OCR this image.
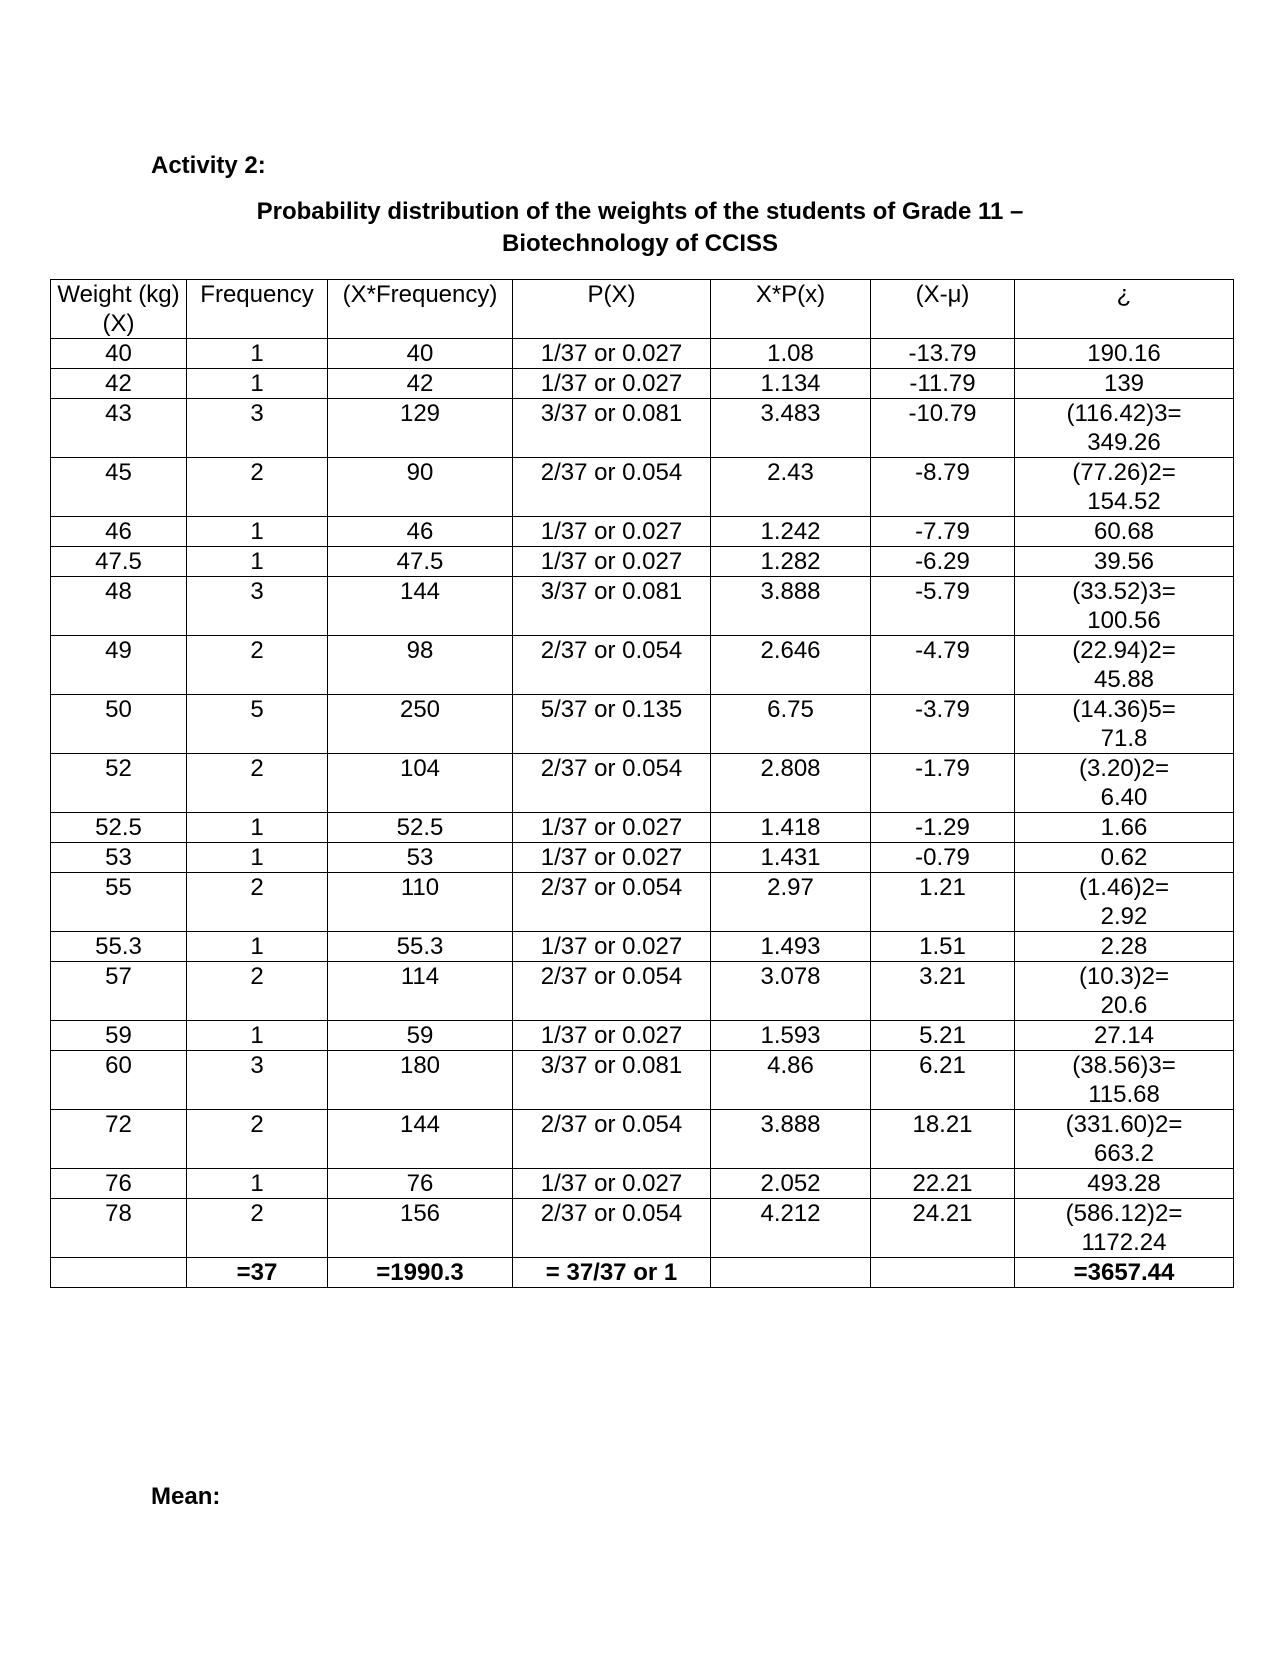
Activity 2:
Probability distribution of the weights of the students of Grade 11 –
Biotechnology of CCISS
Weight (kg) (X)	Frequency	(X*Frequency)	P(X)	X*P(x)	(X-μ)	¿
40	1	40	1/37 or 0.027	1.08	-13.79	190.16

42	1	42	1/37 or 0.027	1.134	-11.79	139

43	3	129	3/37 or 0.081	3.483	-10.79	(116.42)3=
349.26

45	2	90	2/37 or 0.054	2.43	-8.79	(77.26)2=
154.52

46	1	46	1/37 or 0.027	1.242	-7.79	60.68

47.5	1	47.5	1/37 or 0.027	1.282	-6.29	39.56

48	3	144	3/37 or 0.081	3.888	-5.79	(33.52)3=
100.56

49	2	98	2/37 or 0.054	2.646	-4.79	(22.94)2=
45.88

50	5	250	5/37 or 0.135	6.75	-3.79	(14.36)5=
71.8

52	2	104	2/37 or 0.054	2.808	-1.79	(3.20)2=
6.40

52.5	1	52.5	1/37 or 0.027	1.418	-1.29	1.66

53	1	53	1/37 or 0.027	1.431	-0.79	0.62

55	2	110	2/37 or 0.054	2.97	1.21	(1.46)2=
2.92

55.3	1	55.3	1/37 or 0.027	1.493	1.51	2.28

57	2	114	2/37 or 0.054	3.078	3.21	(10.3)2=
20.6

59	1	59	1/37 or 0.027	1.593	5.21	27.14

60	3	180	3/37 or 0.081	4.86	6.21	(38.56)3=
115.68

72	2	144	2/37 or 0.054	3.888	18.21	(331.60)2=
663.2

76	1	76	1/37 or 0.027	2.052	22.21	493.28

78	2	156	2/37 or 0.054	4.212	24.21	(586.12)2=
1172.24

	=37	=1990.3	= 37/37 or 1			=3657.44
Mean:
